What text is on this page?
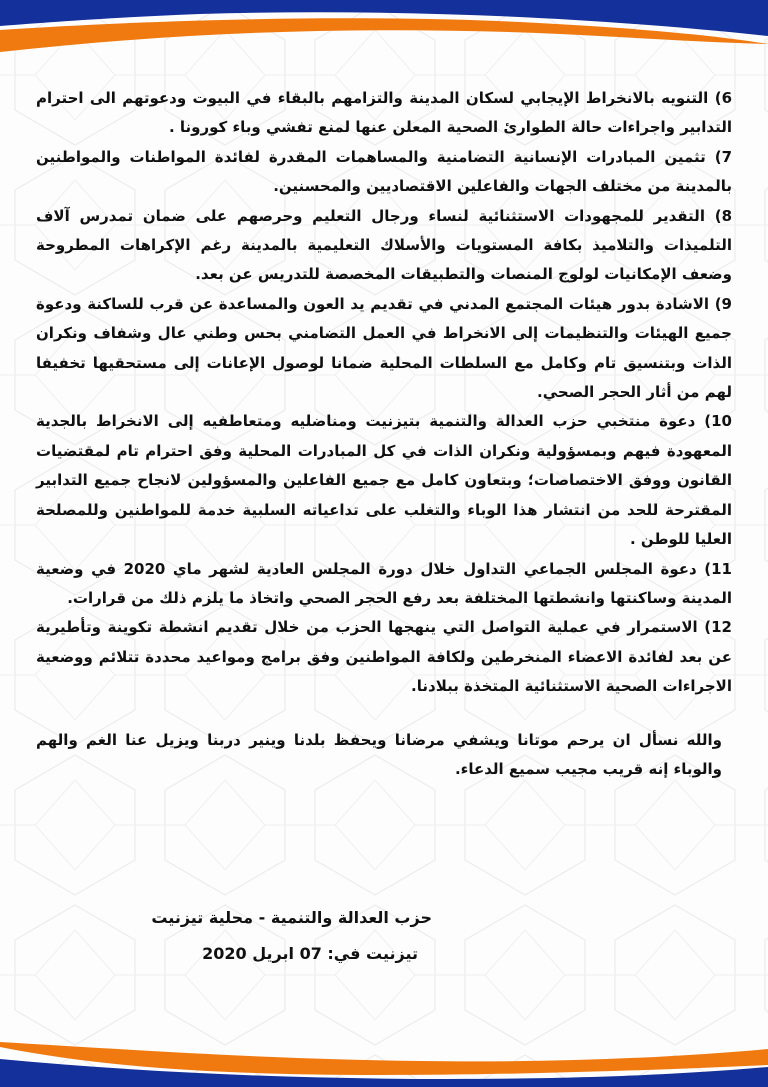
6) التنويه بالانخراط الإيجابي لسكان المدينة والتزامهم بالبقاء في البيوت ودعوتهم الى احترام التدابير واجراءات حالة الطوارئ الصحية المعلن عنها لمنع تفشي وباء كورونا .

7) تثمين المبادرات الإنسانية التضامنية والمساهمات المقدرة لفائدة المواطنات والمواطنين بالمدينة من مختلف الجهات والفاعلين الاقتصاديين والمحسنين.

8) التقدير للمجهودات الاستثنائية لنساء ورجال التعليم وحرصهم على ضمان تمدرس آلاف التلميذات والتلاميذ بكافة المستويات والأسلاك التعليمية بالمدينة رغم الإكراهات المطروحة وضعف الإمكانيات لولوج المنصات والتطبيقات المخصصة للتدريس عن بعد.

9) الاشادة بدور هيئات المجتمع المدني في تقديم يد العون والمساعدة عن قرب للساكنة ودعوة جميع الهيئات والتنظيمات إلى الانخراط في العمل التضامني بحس وطني عال وشفاف ونكران الذات وبتنسيق تام وكامل مع السلطات المحلية ضمانا لوصول الإعانات إلى مستحقيها تخفيفا لهم من أثار الحجر الصحي.

10) دعوة منتخبي حزب العدالة والتنمية بتيزنيت ومناضليه ومتعاطفيه إلى الانخراط بالجدية المعهودة فيهم وبمسؤولية ونكران الذات في كل المبادرات المحلية وفق احترام تام لمقتضيات القانون ووفق الاختصاصات؛ وبتعاون كامل مع جميع الفاعلين والمسؤولين لانجاح جميع التدابير المقترحة للحد من انتشار هذا الوباء والتغلب على تداعياته السلبية خدمة للمواطنين وللمصلحة العليا للوطن .

11) دعوة المجلس الجماعي التداول خلال دورة المجلس العادية لشهر ماي 2020 في وضعية المدينة وساكنتها وانشطتها المختلفة بعد رفع الحجر الصحي واتخاذ ما يلزم ذلك من قرارات.

12) الاستمرار في عملية التواصل التي ينهجها الحزب من خلال تقديم انشطة تكوينة وتأطيرية عن بعد لفائدة الاعضاء المنخرطين ولكافة المواطنين وفق برامج ومواعيد محددة تتلائم ووضعية الاجراءات الصحية الاستثنائية المتخذة ببلادنا.

والله نسأل ان يرحم موتانا ويشفي مرضانا ويحفظ بلدنا وينير دربنا ويزيل عنا الغم والهم والوباء إنه قريب مجيب سميع الدعاء.

حزب العدالة والتنمية - محلية تيزنيت
تيزنيت في: 07 ابريل 2020
